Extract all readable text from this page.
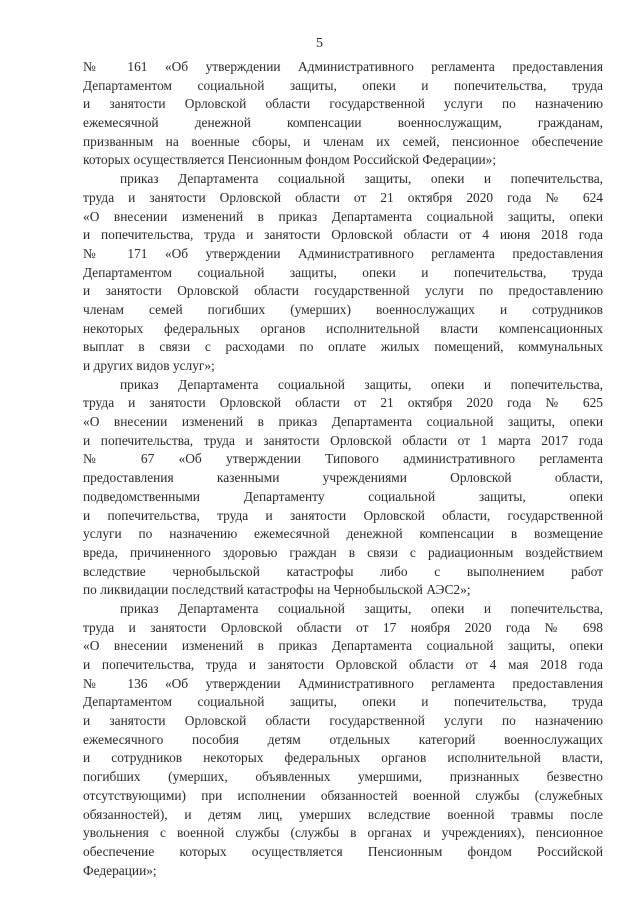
5
№ 161 «Об утверждении Административного регламента предоставления
Департаментом социальной защиты, опеки и попечительства, труда
и занятости Орловской области государственной услуги по назначению
ежемесячной денежной компенсации военнослужащим, гражданам,
призванным на военные сборы, и членам их семей, пенсионное обеспечение
которых осуществляется Пенсионным фондом Российской Федерации»;
приказ Департамента социальной защиты, опеки и попечительства,
труда и занятости Орловской области от 21 октября 2020 года № 624
«О внесении изменений в приказ Департамента социальной защиты, опеки
и попечительства, труда и занятости Орловской области от 4 июня 2018 года
№ 171 «Об утверждении Административного регламента предоставления
Департаментом социальной защиты, опеки и попечительства, труда
и занятости Орловской области государственной услуги по предоставлению
членам семей погибших (умерших) военнослужащих и сотрудников
некоторых федеральных органов исполнительной власти компенсационных
выплат в связи с расходами по оплате жилых помещений, коммунальных
и других видов услуг»;
приказ Департамента социальной защиты, опеки и попечительства,
труда и занятости Орловской области от 21 октября 2020 года № 625
«О внесении изменений в приказ Департамента социальной защиты, опеки
и попечительства, труда и занятости Орловской области от 1 марта 2017 года
№ 67 «Об утверждении Типового административного регламента
предоставления казенными учреждениями Орловской области,
подведомственными Департаменту социальной защиты, опеки
и попечительства, труда и занятости Орловской области, государственной
услуги по назначению ежемесячной денежной компенсации в возмещение
вреда, причиненного здоровью граждан в связи с радиационным воздействием
вследствие чернобыльской катастрофы либо с выполнением работ
по ликвидации последствий катастрофы на Чернобыльской АЭС2»;
приказ Департамента социальной защиты, опеки и попечительства,
труда и занятости Орловской области от 17 ноября 2020 года № 698
«О внесении изменений в приказ Департамента социальной защиты, опеки
и попечительства, труда и занятости Орловской области от 4 мая 2018 года
№ 136 «Об утверждении Административного регламента предоставления
Департаментом социальной защиты, опеки и попечительства, труда
и занятости Орловской области государственной услуги по назначению
ежемесячного пособия детям отдельных категорий военнослужащих
и сотрудников некоторых федеральных органов исполнительной власти,
погибших (умерших, объявленных умершими, признанных безвестно
отсутствующими) при исполнении обязанностей военной службы (служебных
обязанностей), и детям лиц, умерших вследствие военной травмы после
увольнения с военной службы (службы в органах и учреждениях), пенсионное
обеспечение которых осуществляется Пенсионным фондом Российской
Федерации»;
